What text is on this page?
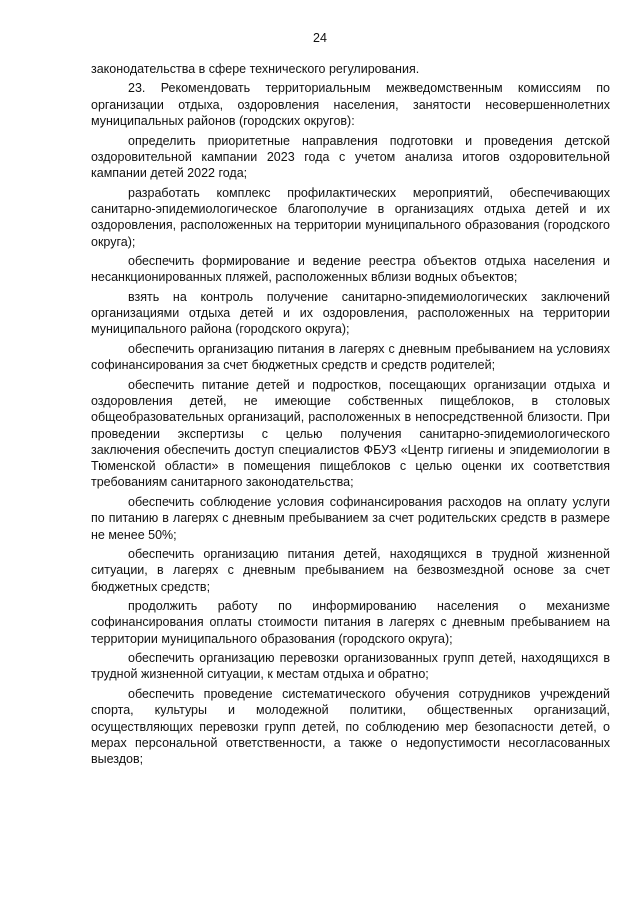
24

законодательства в сфере технического регулирования.

23. Рекомендовать территориальным межведомственным комиссиям по организации отдыха, оздоровления населения, занятости несовершеннолетних муниципальных районов (городских округов):

определить приоритетные направления подготовки и проведения детской оздоровительной кампании 2023 года с учетом анализа итогов оздоровительной кампании детей 2022 года;

разработать комплекс профилактических мероприятий, обеспечивающих санитарно-эпидемиологическое благополучие в организациях отдыха детей и их оздоровления, расположенных на территории муниципального образования (городского округа);

обеспечить формирование и ведение реестра объектов отдыха населения и несанкционированных пляжей, расположенных вблизи водных объектов;

взять на контроль получение санитарно-эпидемиологических заключений организациями отдыха детей и их оздоровления, расположенных на территории муниципального района (городского округа);

обеспечить организацию питания в лагерях с дневным пребыванием на условиях софинансирования за счет бюджетных средств и средств родителей;

обеспечить питание детей и подростков, посещающих организации отдыха и оздоровления детей, не имеющие собственных пищеблоков, в столовых общеобразовательных организаций, расположенных в непосредственной близости. При проведении экспертизы с целью получения санитарно-эпидемиологического заключения обеспечить доступ специалистов ФБУЗ «Центр гигиены и эпидемиологии в Тюменской области» в помещения пищеблоков с целью оценки их соответствия требованиям санитарного законодательства;

обеспечить соблюдение условия софинансирования расходов на оплату услуги по питанию в лагерях с дневным пребыванием за счет родительских средств в размере не менее 50%;

обеспечить организацию питания детей, находящихся в трудной жизненной ситуации, в лагерях с дневным пребыванием на безвозмездной основе за счет бюджетных средств;

продолжить работу по информированию населения о механизме софинансирования оплаты стоимости питания в лагерях с дневным пребыванием на территории муниципального образования (городского округа);

обеспечить организацию перевозки организованных групп детей, находящихся в трудной жизненной ситуации, к местам отдыха и обратно;

обеспечить проведение систематического обучения сотрудников учреждений спорта, культуры и молодежной политики, общественных организаций, осуществляющих перевозки групп детей, по соблюдению мер безопасности детей, о мерах персональной ответственности, а также о недопустимости несогласованных выездов;
